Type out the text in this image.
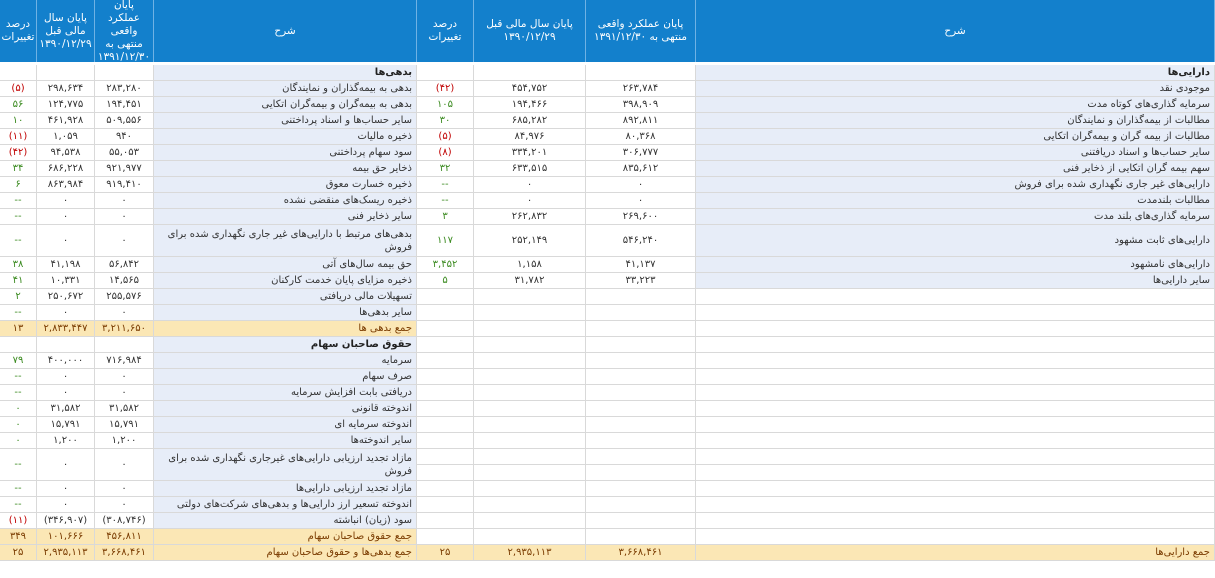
درصد تغییرات
پایان سال مالی قبل ۱۳۹۰/۱۲/۲۹
پایان عملکرد واقعی منتهی به ۱۳۹۱/۱۲/۳۰
شرح
درصد تغییرات
پایان سال مالی قبل ۱۳۹۰/۱۲/۲۹
پایان عملکرد واقعی منتهی به ۱۳۹۱/۱۲/۳۰
شرح
بدهی‌ها
بدهی به بیمه‌گذاران و نمایندگان
۲۸۳,۲۸۰
۲۹۸,۶۳۴
(۵)
بدهی به بیمه‌گران و بیمه‌گران اتکایی
۱۹۴,۴۵۱
۱۲۴,۷۷۵
۵۶
سایر حساب‌ها و اسناد پرداختنی
۵۰۹,۵۵۶
۴۶۱,۹۲۸
۱۰
ذخیره مالیات
۹۴۰
۱,۰۵۹
(۱۱)
سود سهام پرداختنی
۵۵,۰۵۳
۹۴,۵۳۸
(۴۲)
ذخایر حق بیمه
۹۲۱,۹۷۷
۶۸۶,۲۲۸
۳۴
ذخیره خسارت معوق
۹۱۹,۴۱۰
۸۶۳,۹۸۴
۶
ذخیره ریسک‌های منقضی نشده
۰
۰
--
سایر ذخایر فنی
۰
۰
--
بدهی‌های مرتبط با دارایی‌های غیر جاری نگهداری شده برای فروش
۰
۰
--
حق بیمه سال‌های آتی
۵۶,۸۴۲
۴۱,۱۹۸
۳۸
ذخیره مزایای پایان خدمت کارکنان
۱۴,۵۶۵
۱۰,۳۳۱
۴۱
تسهیلات مالی دریافتی
۲۵۵,۵۷۶
۲۵۰,۶۷۲
۲
سایر بدهی‌ها
۰
۰
--
جمع بدهی ها
۳,۲۱۱,۶۵۰
۲,۸۳۳,۴۴۷
۱۳
حقوق صاحبان سهام
سرمایه
۷۱۶,۹۸۴
۴۰۰,۰۰۰
۷۹
صرف سهام
۰
۰
--
دریافتی بابت افزایش سرمایه
۰
۰
--
اندوخته قانونی
۳۱,۵۸۲
۳۱,۵۸۲
۰
اندوخته سرمایه ای
۱۵,۷۹۱
۱۵,۷۹۱
۰
سایر اندوخته‌ها
۱,۲۰۰
۱,۲۰۰
۰
مازاد تجدید ارزیابی دارایی‌های غیرجاری نگهداری شده برای فروش
۰
۰
--
مازاد تجدید ارزیابی دارایی‌ها
۰
۰
--
اندوخته تسعیر ارز دارایی‌ها و بدهی‌های شرکت‌های دولتی
۰
۰
--
سود (زیان) انباشته
(۳۰۸,۷۴۶)
(۳۴۶,۹۰۷)
(۱۱)
جمع حقوق صاحبان سهام
۴۵۶,۸۱۱
۱۰۱,۶۶۶
۳۴۹
جمع بدهی‌ها و حقوق صاحبان سهام
۳,۶۶۸,۴۶۱
۲,۹۳۵,۱۱۳
۲۵
دارایی‌ها
موجودی نقد
۲۶۳,۷۸۴
۴۵۴,۷۵۲
(۴۲)
سرمایه گذاری‌های کوتاه مدت
۳۹۸,۹۰۹
۱۹۴,۴۶۶
۱۰۵
مطالبات از بیمه‌گذاران و نمایندگان
۸۹۲,۸۱۱
۶۸۵,۲۸۲
۳۰
مطالبات از بیمه گران و بیمه‌گران اتکایی
۸۰,۳۶۸
۸۴,۹۷۶
(۵)
سایر حساب‌ها و اسناد دریافتنی
۳۰۶,۷۷۷
۳۳۴,۲۰۱
(۸)
سهم بیمه گران اتکایی از ذخایر فنی
۸۳۵,۶۱۲
۶۳۳,۵۱۵
۳۲
دارایی‌های غیر جاری نگهداری شده برای فروش
۰
۰
--
مطالبات بلندمدت
۰
۰
--
سرمایه گذاری‌های بلند مدت
۲۶۹,۶۰۰
۲۶۲,۸۳۲
۳
دارایی‌های ثابت مشهود
۵۴۶,۲۴۰
۲۵۲,۱۴۹
۱۱۷
دارایی‌های نامشهود
۴۱,۱۳۷
۱,۱۵۸
۳,۴۵۲
سایر دارایی‌ها
۳۳,۲۲۳
۳۱,۷۸۲
۵
جمع دارایی‌ها
۳,۶۶۸,۴۶۱
۲,۹۳۵,۱۱۳
۲۵
